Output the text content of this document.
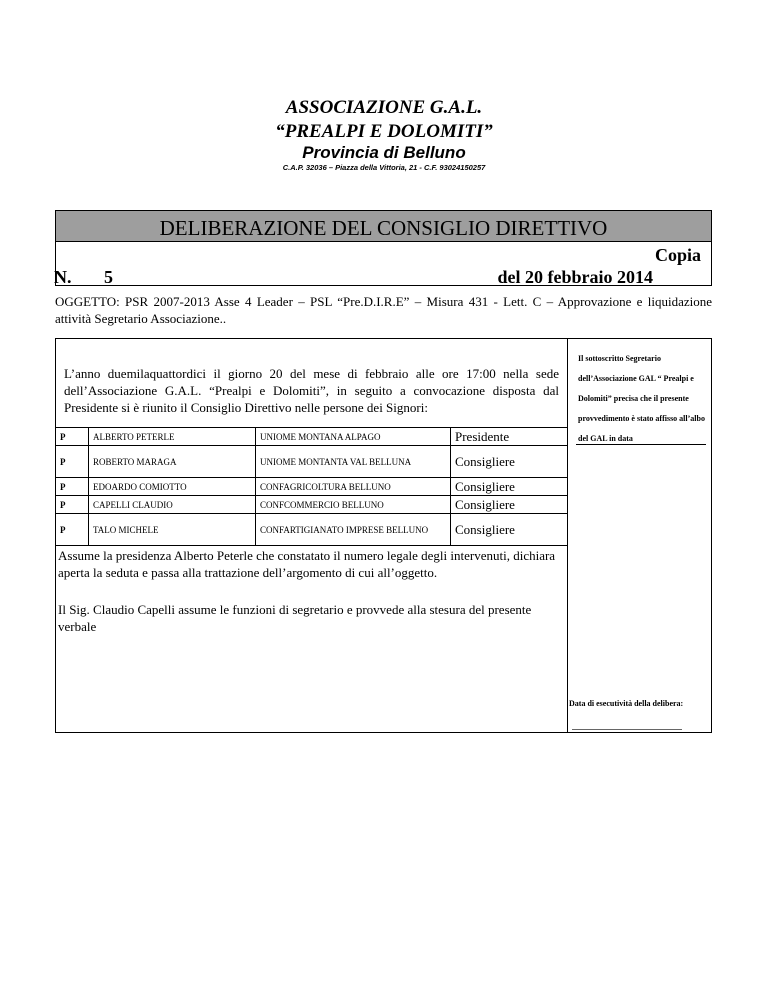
ASSOCIAZIONE G.A.L.
“PREALPI E DOLOMITI”
Provincia di Belluno
C.A.P. 32036 – Piazza della Vittoria, 21 - C.F. 93024150257
DELIBERAZIONE DEL CONSIGLIO DIRETTIVO
Copia
N. 5	del 20 febbraio 2014
OGGETTO: PSR 2007-2013 Asse 4 Leader – PSL “Pre.D.I.R.E” – Misura 431 - Lett. C – Approvazione e liquidazione attività Segretario Associazione..
L’anno duemilaquattordici il giorno 20 del mese di febbraio alle ore 17:00 nella sede dell’Associazione G.A.L. “Prealpi e Dolomiti”, in seguito a convocazione disposta dal Presidente si è riunito il Consiglio Direttivo nelle persone dei Signori:
P	ALBERTO PETERLE	UNIOME MONTANA ALPAGO	Presidente
P	ROBERTO MARAGA	UNIOME MONTANTA VAL BELLUNA	Consigliere
P	EDOARDO COMIOTTO	CONFAGRICOLTURA BELLUNO	Consigliere
P	CAPELLI CLAUDIO	CONFCOMMERCIO BELLUNO	Consigliere
P	TALO MICHELE	CONFARTIGIANATO IMPRESE BELLUNO	Consigliere
Assume la presidenza Alberto Peterle che constatato il numero legale degli intervenuti, dichiara aperta la seduta e passa alla trattazione dell’argomento di cui all’oggetto.
Il Sig. Claudio Capelli assume le funzioni di segretario e provvede alla stesura del presente verbale
Il sottoscritto Segretario dell’Associazione GAL “ Prealpi e Dolomiti” precisa che il presente provvedimento è stato affisso all’albo del GAL in data
Data di esecutività della delibera:
